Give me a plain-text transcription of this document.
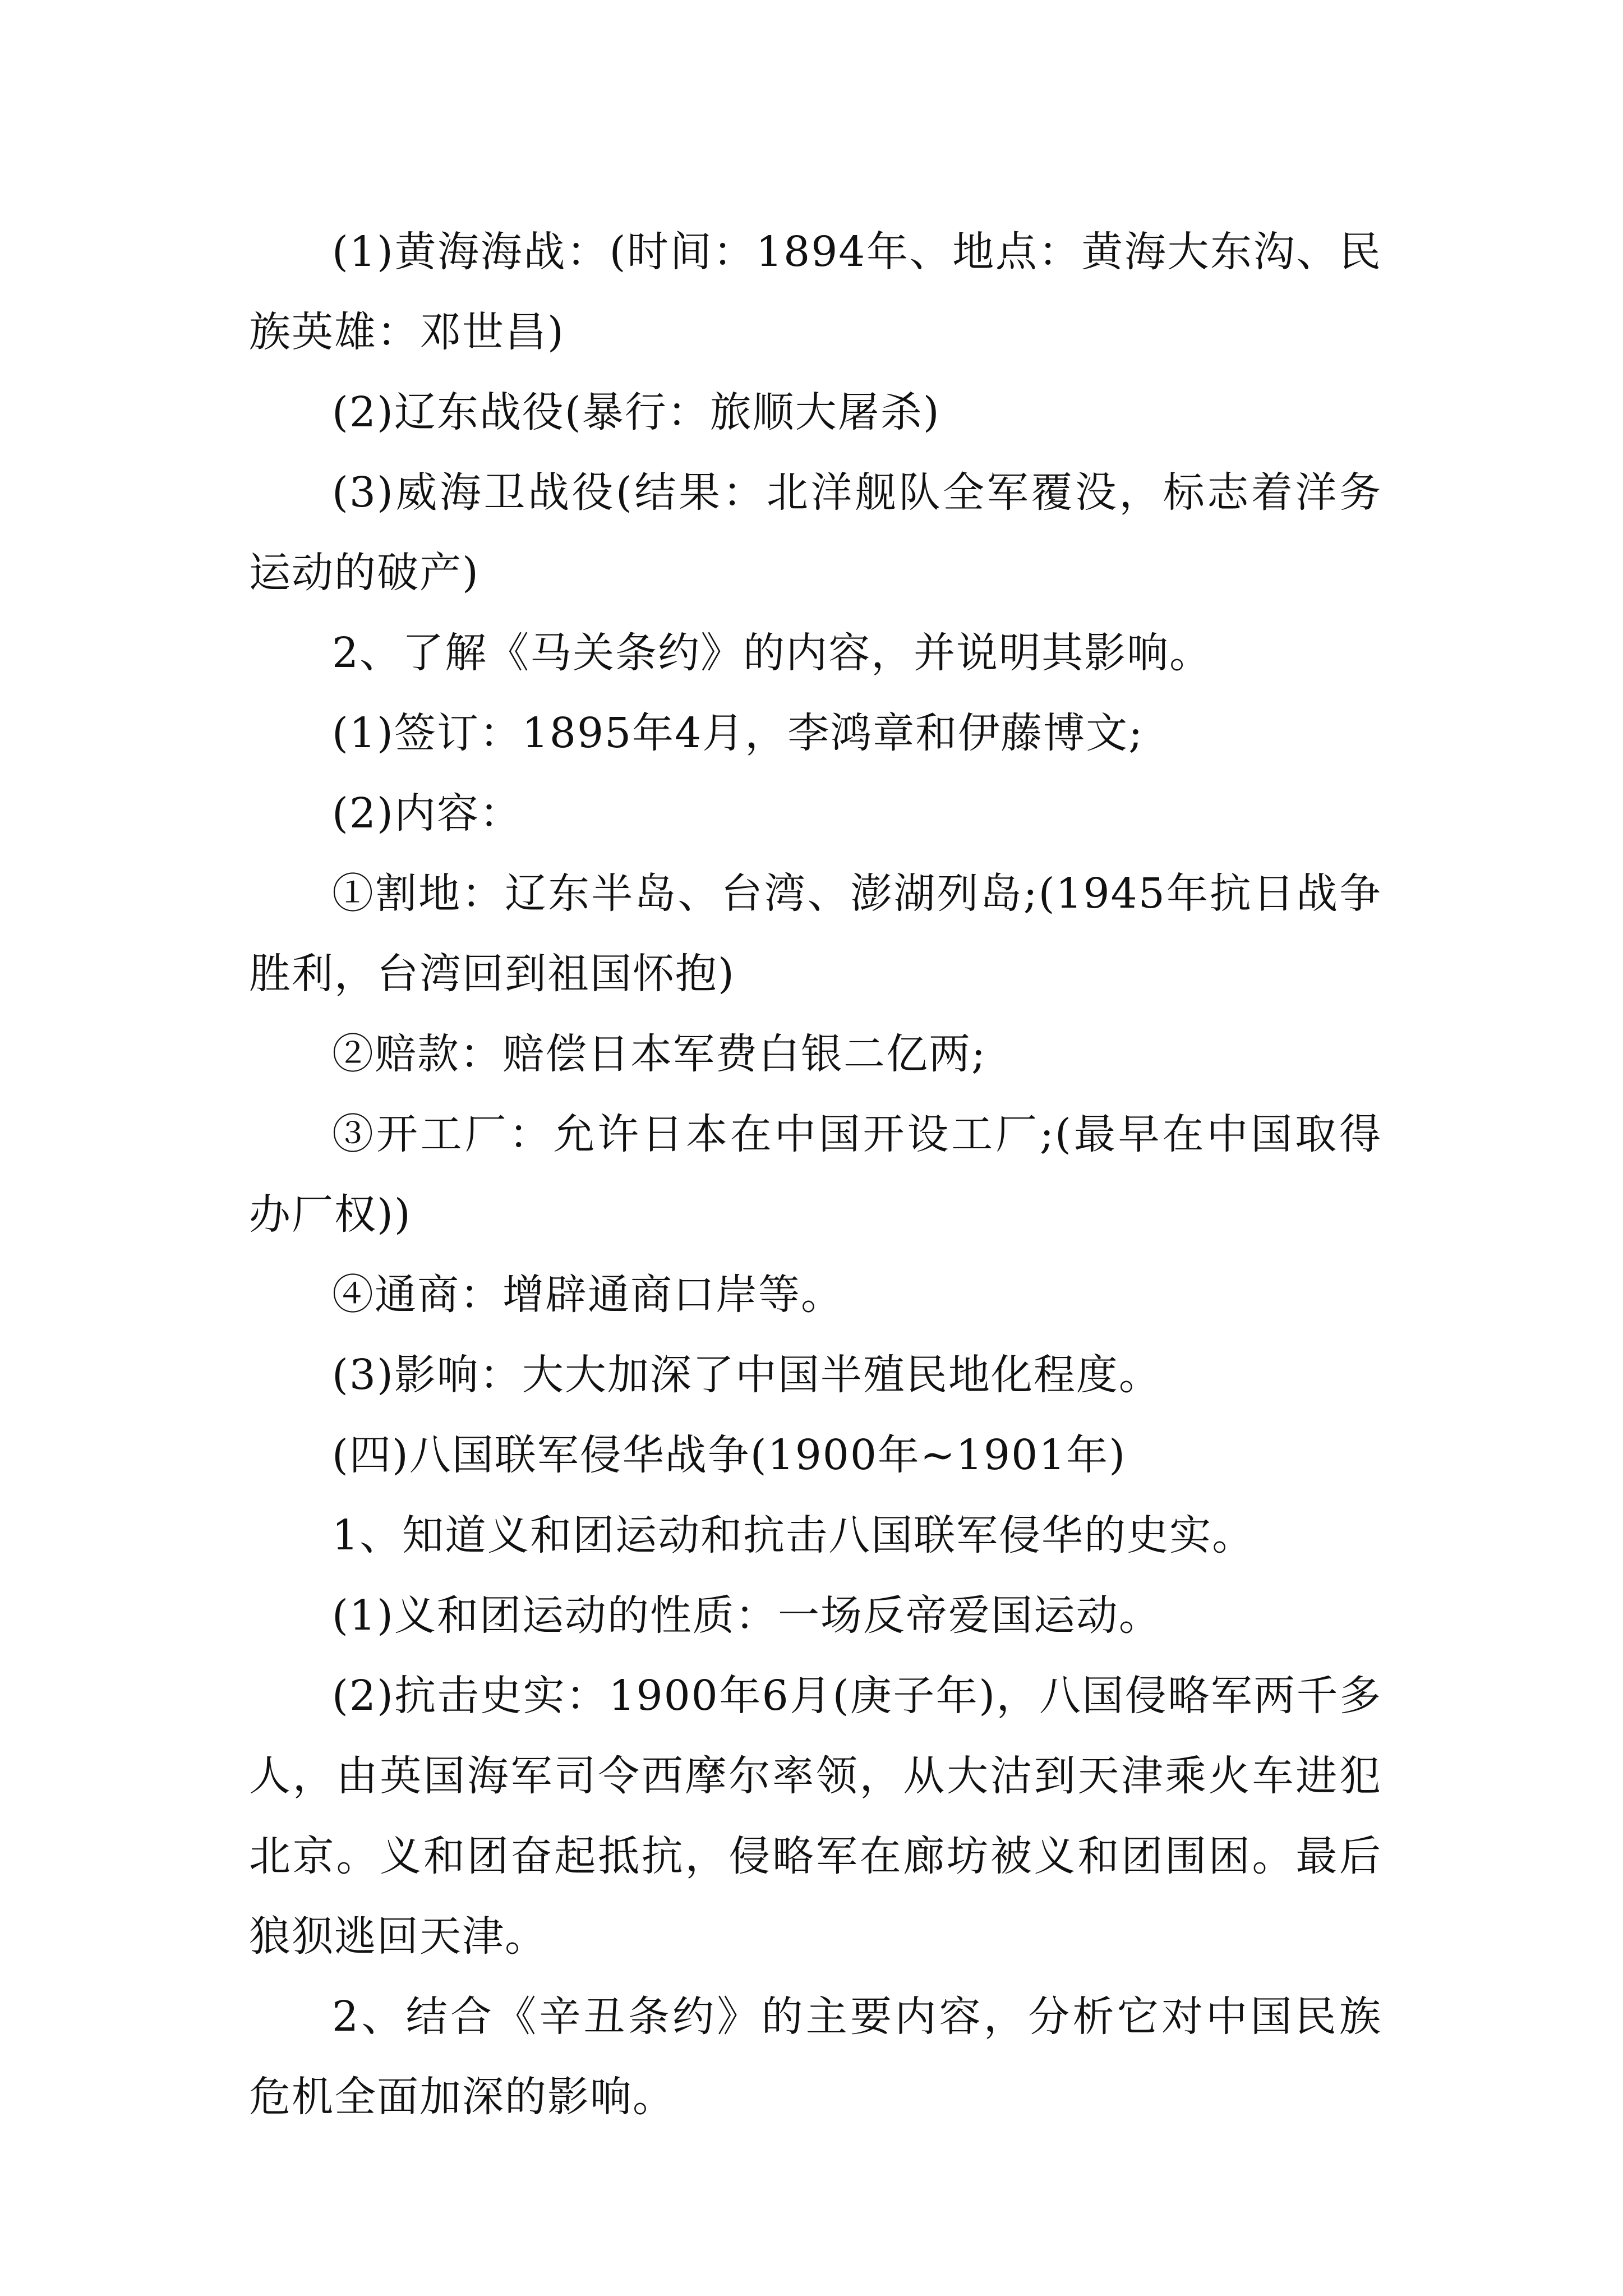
(1)黄海海战：(时间：1894年、地点：黄海大东沟、民族英雄：邓世昌)

(2)辽东战役(暴行：旅顺大屠杀)

(3)威海卫战役(结果：北洋舰队全军覆没，标志着洋务运动的破产)

2、了解《马关条约》的内容，并说明其影响。

(1)签订：1895年4月，李鸿章和伊藤博文;

(2)内容：

①割地：辽东半岛、台湾、澎湖列岛;(1945年抗日战争胜利，台湾回到祖国怀抱)

②赔款：赔偿日本军费白银二亿两;

③开工厂：允许日本在中国开设工厂;(最早在中国取得办厂权))

④通商：增辟通商口岸等。

(3)影响：大大加深了中国半殖民地化程度。

(四)八国联军侵华战争(1900年~1901年)

1、知道义和团运动和抗击八国联军侵华的史实。

(1)义和团运动的性质：一场反帝爱国运动。

(2)抗击史实：1900年6月(庚子年)，八国侵略军两千多人，由英国海军司令西摩尔率领，从大沽到天津乘火车进犯北京。义和团奋起抵抗，侵略军在廊坊被义和团围困。最后狼狈逃回天津。

2、结合《辛丑条约》的主要内容，分析它对中国民族危机全面加深的影响。
